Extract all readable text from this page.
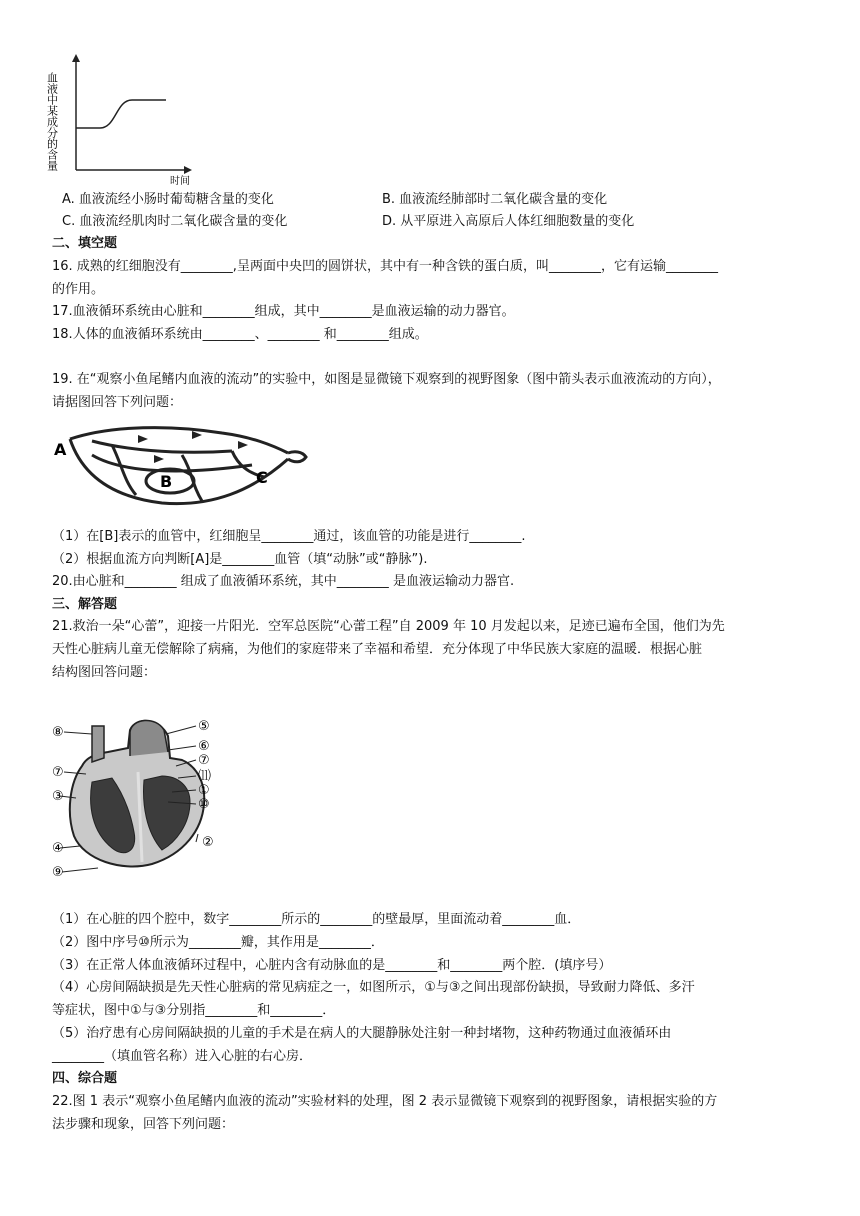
血液中某成分的含量
时间
A. 血液流经小肠时葡萄糖含量的变化	B. 血液流经肺部时二氧化碳含量的变化
C. 血液流经肌肉时二氧化碳含量的变化	D. 从平原进入高原后人体红细胞数量的变化
二、填空题
16. 成熟的红细胞没有________,呈两面中央凹的圆饼状，其中有一种含铁的蛋白质，叫________，它有运输________
的作用。
17.血液循环系统由心脏和________组成，其中________是血液运输的动力器官。
18.人体的血液循环系统由________、________ 和________组成。
19. 在“观察小鱼尾鳍内血液的流动”的实验中，如图是显微镜下观察到的视野图象（图中箭头表示血液流动的方向），
请据图回答下列问题：
A
B	C
（1）在[B]表示的血管中，红细胞呈________通过，该血管的功能是进行________.
（2）根据血流方向判断[A]是________血管（填“动脉”或“静脉”).
20.由心脏和________ 组成了血液循环系统，其中________ 是血液运输动力器官.
三、解答题
21.救治一朵“心蕾”，迎接一片阳光．空军总医院“心蕾工程”自 2009 年 10 月发起以来，足迹已遍布全国，他们为先
天性心脏病儿童无偿解除了病痛，为他们的家庭带来了幸福和希望．充分体现了中华民族大家庭的温暖．根据心脏
结构图回答问题：
⑧
⑦
③
④
⑨
⑤
⑥
⑦
⑾
①
⑩
②
（1）在心脏的四个腔中，数字________所示的________的壁最厚，里面流动着________血．
（2）图中序号⑩所示为________瓣，其作用是________．
（3）在正常人体血液循环过程中，心脏内含有动脉血的是________和________两个腔．(填序号）
（4）心房间隔缺损是先天性心脏病的常见病症之一，如图所示，①与③之间出现部份缺损，导致耐力降低、多汗
等症状，图中①与③分别指________和________．
（5）治疗患有心房间隔缺损的儿童的手术是在病人的大腿静脉处注射一种封堵物，这种药物通过血液循环由
________（填血管名称）进入心脏的右心房．
四、综合题
22.图 1 表示“观察小鱼尾鳍内血液的流动”实验材料的处理，图 2 表示显微镜下观察到的视野图象，请根据实验的方
法步骤和现象，回答下列问题：
